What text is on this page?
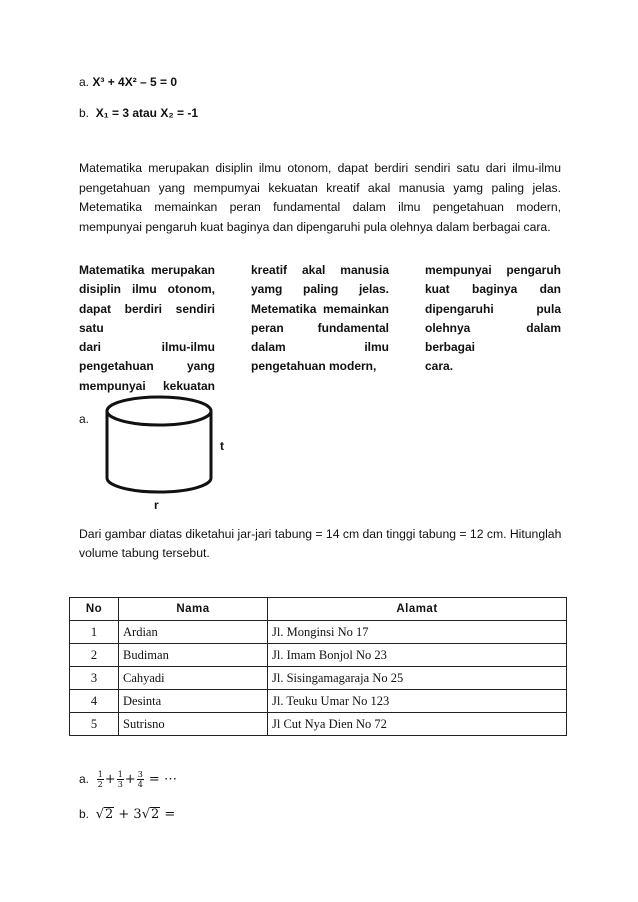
a. X³ + 4X² – 5 = 0
b. X₁ = 3 atau X₂ = -1
Matematika merupakan disiplin ilmu otonom, dapat berdiri sendiri satu dari ilmu-ilmu pengetahuan yang mempumyai kekuatan kreatif akal manusia yamg paling jelas. Metematika memainkan peran fundamental dalam ilmu pengetahuan modern, mempunyai pengaruh kuat baginya dan dipengaruhi pula olehnya dalam berbagai cara.
Matematika merupakan
disiplin ilmu otonom,
dapat berdiri sendiri satu
dari ilmu-ilmu
pengetahuan yang
mempunyai kekuatan
kreatif akal manusia
yamg paling jelas.
Metematika memainkan
peran fundamental
dalam ilmu
pengetahuan modern,
mempunyai pengaruh
kuat baginya dan
dipengaruhi pula
olehnya dalam berbagai
cara.
a.
t
r
Dari gambar diatas diketahui jar-jari tabung = 14 cm dan tinggi tabung = 12 cm. Hitunglah
volume tabung tersebut.
No	Nama	Alamat
1	Ardian	Jl. Monginsi No 17
2	Budiman	Jl. Imam Bonjol No 23
3	Cahyadi	Jl. Sisingamagaraja No 25
4	Desinta	Jl. Teuku Umar No 123
5	Sutrisno	Jl Cut Nya Dien No 72
a. $\frac{1}{2} + \frac{1}{3} + \frac{3}{4}$ = ⋯
b. √2 + 3√2 =
